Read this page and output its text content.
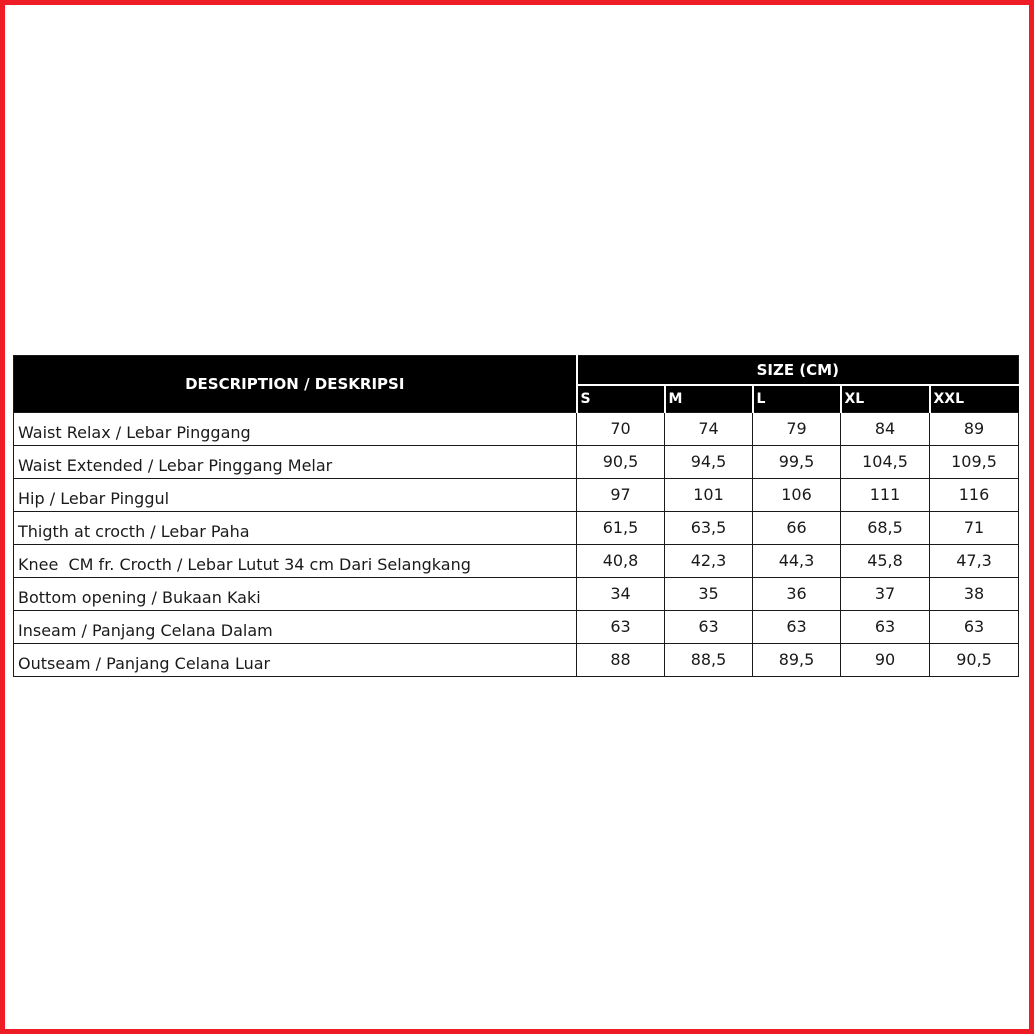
DESCRIPTION / DESKRIPSI	SIZE (CM)				
	S	M	L	XL	XXL
Waist Relax / Lebar Pinggang	70	74	79	84	89
Waist Extended / Lebar Pinggang Melar	90,5	94,5	99,5	104,5	109,5
Hip / Lebar Pinggul	97	101	106	111	116
Thigth at crocth / Lebar Paha	61,5	63,5	66	68,5	71
Knee  CM fr. Crocth / Lebar Lutut 34 cm Dari Selangkang	40,8	42,3	44,3	45,8	47,3
Bottom opening / Bukaan Kaki	34	35	36	37	38
Inseam / Panjang Celana Dalam	63	63	63	63	63
Outseam / Panjang Celana Luar	88	88,5	89,5	90	90,5
